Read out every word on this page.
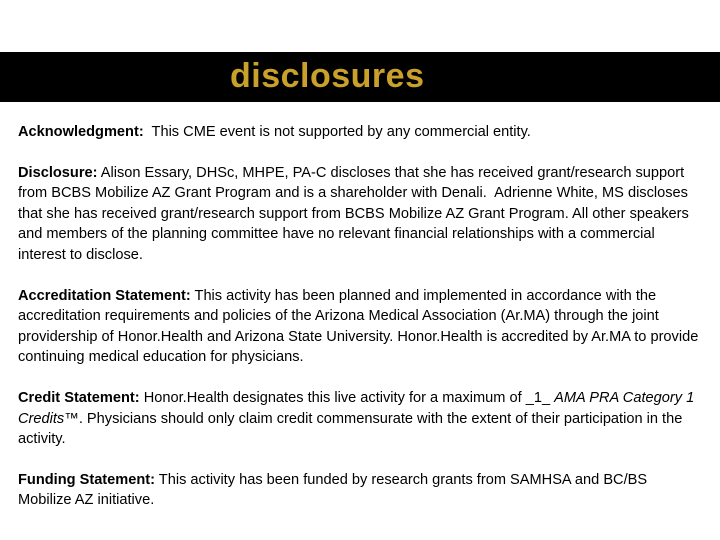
disclosures

Acknowledgment:  This CME event is not supported by any commercial entity.

Disclosure: Alison Essary, DHSc, MHPE, PA-C discloses that she has received grant/research support from BCBS Mobilize AZ Grant Program and is a shareholder with Denali.  Adrienne White, MS discloses that she has received grant/research support from BCBS Mobilize AZ Grant Program. All other speakers and members of the planning committee have no relevant financial relationships with a commercial interest to disclose.

Accreditation Statement: This activity has been planned and implemented in accordance with the accreditation requirements and policies of the Arizona Medical Association (Ar.MA) through the joint providership of Honor.Health and Arizona State University. Honor.Health is accredited by Ar.MA to provide continuing medical education for physicians.

Credit Statement: Honor.Health designates this live activity for a maximum of _1_ AMA PRA Category 1 Credits™. Physicians should only claim credit commensurate with the extent of their participation in the activity.

Funding Statement: This activity has been funded by research grants from SAMHSA and BC/BS Mobilize AZ initiative.
